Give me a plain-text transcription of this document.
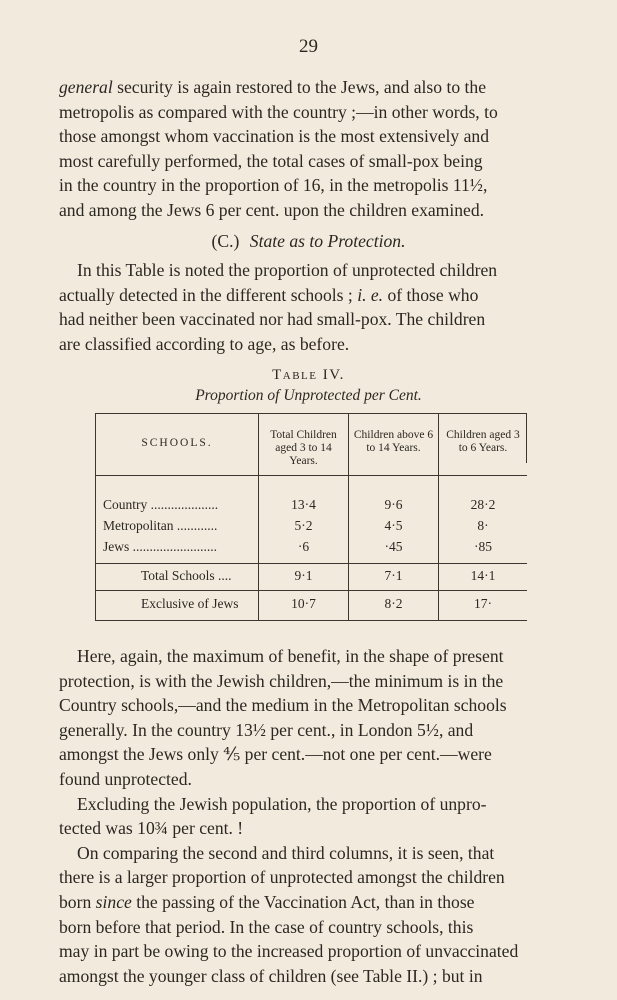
29

general security is again restored to the Jews, and also to the

metropolis as compared with the country ;—in other words, to

those amongst whom vaccination is the most extensively and

most carefully performed, the total cases of small-pox being

in the country in the proportion of 16, in the metropolis 11½,

and among the Jews 6 per cent. upon the children examined.

(C.) State as to Protection.

In this Table is noted the proportion of unprotected children

actually detected in the different schools ; i. e. of those who

had neither been vaccinated nor had small-pox. The children

are classified according to age, as before.

Table IV.
Proportion of Unprotected per Cent.
SCHOOLS.
Total Children aged 3 to 14 Years.
Children above 6 to 14 Years.
Children aged 3 to 6 Years.
Country ....................	13·4	9·6	28·2
Metropolitan ............	5·2	4·5	8·
Jews .........................	·6	·45	·85
Total Schools ....	9·1	7·1	14·1
Exclusive of Jews	10·7	8·2	17·

Here, again, the maximum of benefit, in the shape of present

protection, is with the Jewish children,—the minimum is in the

Country schools,—and the medium in the Metropolitan schools

generally. In the country 13½ per cent., in London 5½, and

amongst the Jews only ⅘ per cent.—not one per cent.—were

found unprotected.

Excluding the Jewish population, the proportion of unpro-

tected was 10¾ per cent. !

On comparing the second and third columns, it is seen, that

there is a larger proportion of unprotected amongst the children

born since the passing of the Vaccination Act, than in those

born before that period. In the case of country schools, this

may in part be owing to the increased proportion of unvaccinated

amongst the younger class of children (see Table II.) ; but in
